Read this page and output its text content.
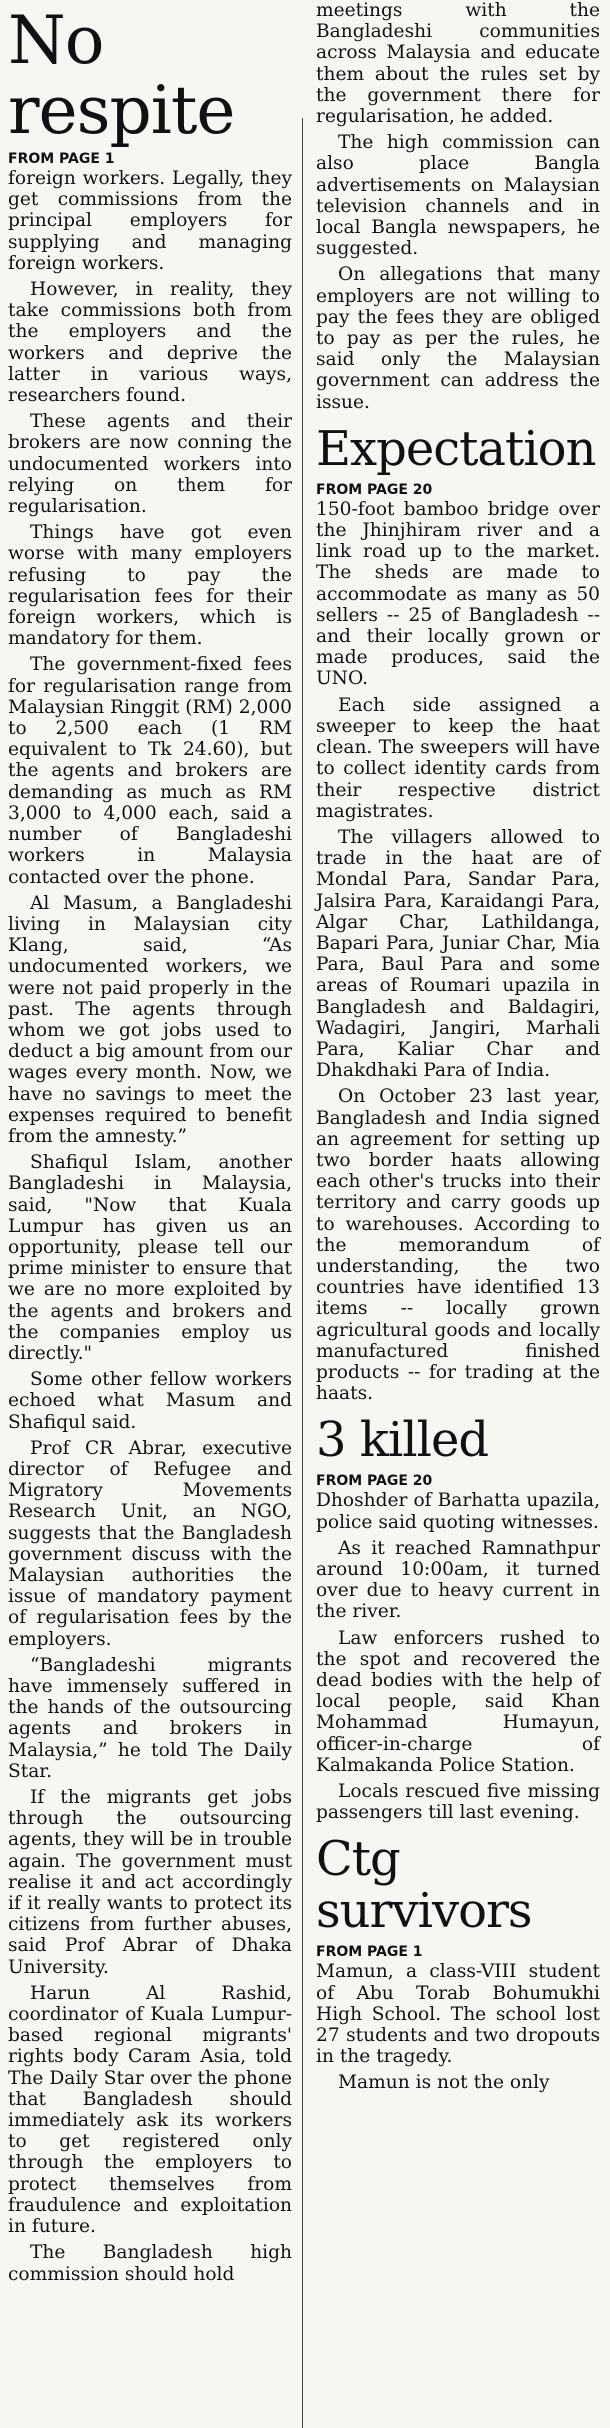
No respite
FROM PAGE 1

foreign workers. Legally, they get commissions from the principal employers for supplying and managing foreign workers.

However, in reality, they take commissions both from the employers and the workers and deprive the latter in various ways, researchers found.

These agents and their brokers are now conning the undocumented workers into relying on them for regularisation.

Things have got even worse with many employers refusing to pay the regularisation fees for their foreign workers, which is mandatory for them.

The government-fixed fees for regularisation range from Malaysian Ringgit (RM) 2,000 to 2,500 each (1 RM equivalent to Tk 24.60), but the agents and brokers are demanding as much as RM 3,000 to 4,000 each, said a number of Bangladeshi workers in Malaysia contacted over the phone.

Al Masum, a Bangladeshi living in Malaysian city Klang, said, “As undocumented workers, we were not paid properly in the past. The agents through whom we got jobs used to deduct a big amount from our wages every month. Now, we have no savings to meet the expenses required to benefit from the amnesty.”

Shafiqul Islam, another Bangladeshi in Malaysia, said, "Now that Kuala Lumpur has given us an opportunity, please tell our prime minister to ensure that we are no more exploited by the agents and brokers and the companies employ us directly."

Some other fellow workers echoed what Masum and Shafiqul said.

Prof CR Abrar, executive director of Refugee and Migratory Movements Research Unit, an NGO, suggests that the Bangladesh government discuss with the Malaysian authorities the issue of mandatory payment of regularisation fees by the employers.

“Bangladeshi migrants have immensely suffered in the hands of the outsourcing agents and brokers in Malaysia,” he told The Daily Star.

If the migrants get jobs through the outsourcing agents, they will be in trouble again. The government must realise it and act accordingly if it really wants to protect its citizens from further abuses, said Prof Abrar of Dhaka University.

Harun Al Rashid, coordinator of Kuala Lumpur-based regional migrants' rights body Caram Asia, told The Daily Star over the phone that Bangladesh should immediately ask its workers to get registered only through the employers to protect themselves from fraudulence and exploitation in future.

The Bangladesh high commission should hold

meetings with the Bangladeshi communities across Malaysia and educate them about the rules set by the government there for regularisation, he added.

The high commission can also place Bangla advertisements on Malaysian television channels and in local Bangla newspapers, he suggested.

On allegations that many employers are not willing to pay the fees they are obliged to pay as per the rules, he said only the Malaysian government can address the issue.

Expectation
FROM PAGE 20

150-foot bamboo bridge over the Jhinjhiram river and a link road up to the market. The sheds are made to accommodate as many as 50 sellers -- 25 of Bangladesh -- and their locally grown or made produces, said the UNO.

Each side assigned a sweeper to keep the haat clean. The sweepers will have to collect identity cards from their respective district magistrates.

The villagers allowed to trade in the haat are of Mondal Para, Sandar Para, Jalsira Para, Karaidangi Para, Algar Char, Lathildanga, Bapari Para, Juniar Char, Mia Para, Baul Para and some areas of Roumari upazila in Bangladesh and Baldagiri, Wadagiri, Jangiri, Marhali Para, Kaliar Char and Dhakdhaki Para of India.

On October 23 last year, Bangladesh and India signed an agreement for setting up two border haats allowing each other's trucks into their territory and carry goods up to warehouses. According to the memorandum of understanding, the two countries have identified 13 items -- locally grown agricultural goods and locally manufactured finished products -- for trading at the haats.

3 killed
FROM PAGE 20

Dhoshder of Barhatta upazila, police said quoting witnesses.

As it reached Ramnathpur around 10:00am, it turned over due to heavy current in the river.

Law enforcers rushed to the spot and recovered the dead bodies with the help of local people, said Khan Mohammad Humayun, officer-in-charge of Kalmakanda Police Station.

Locals rescued five missing passengers till last evening.

Ctg survivors
FROM PAGE 1

Mamun, a class-VIII student of Abu Torab Bohumukhi High School. The school lost 27 students and two dropouts in the tragedy.

Mamun is not the only
